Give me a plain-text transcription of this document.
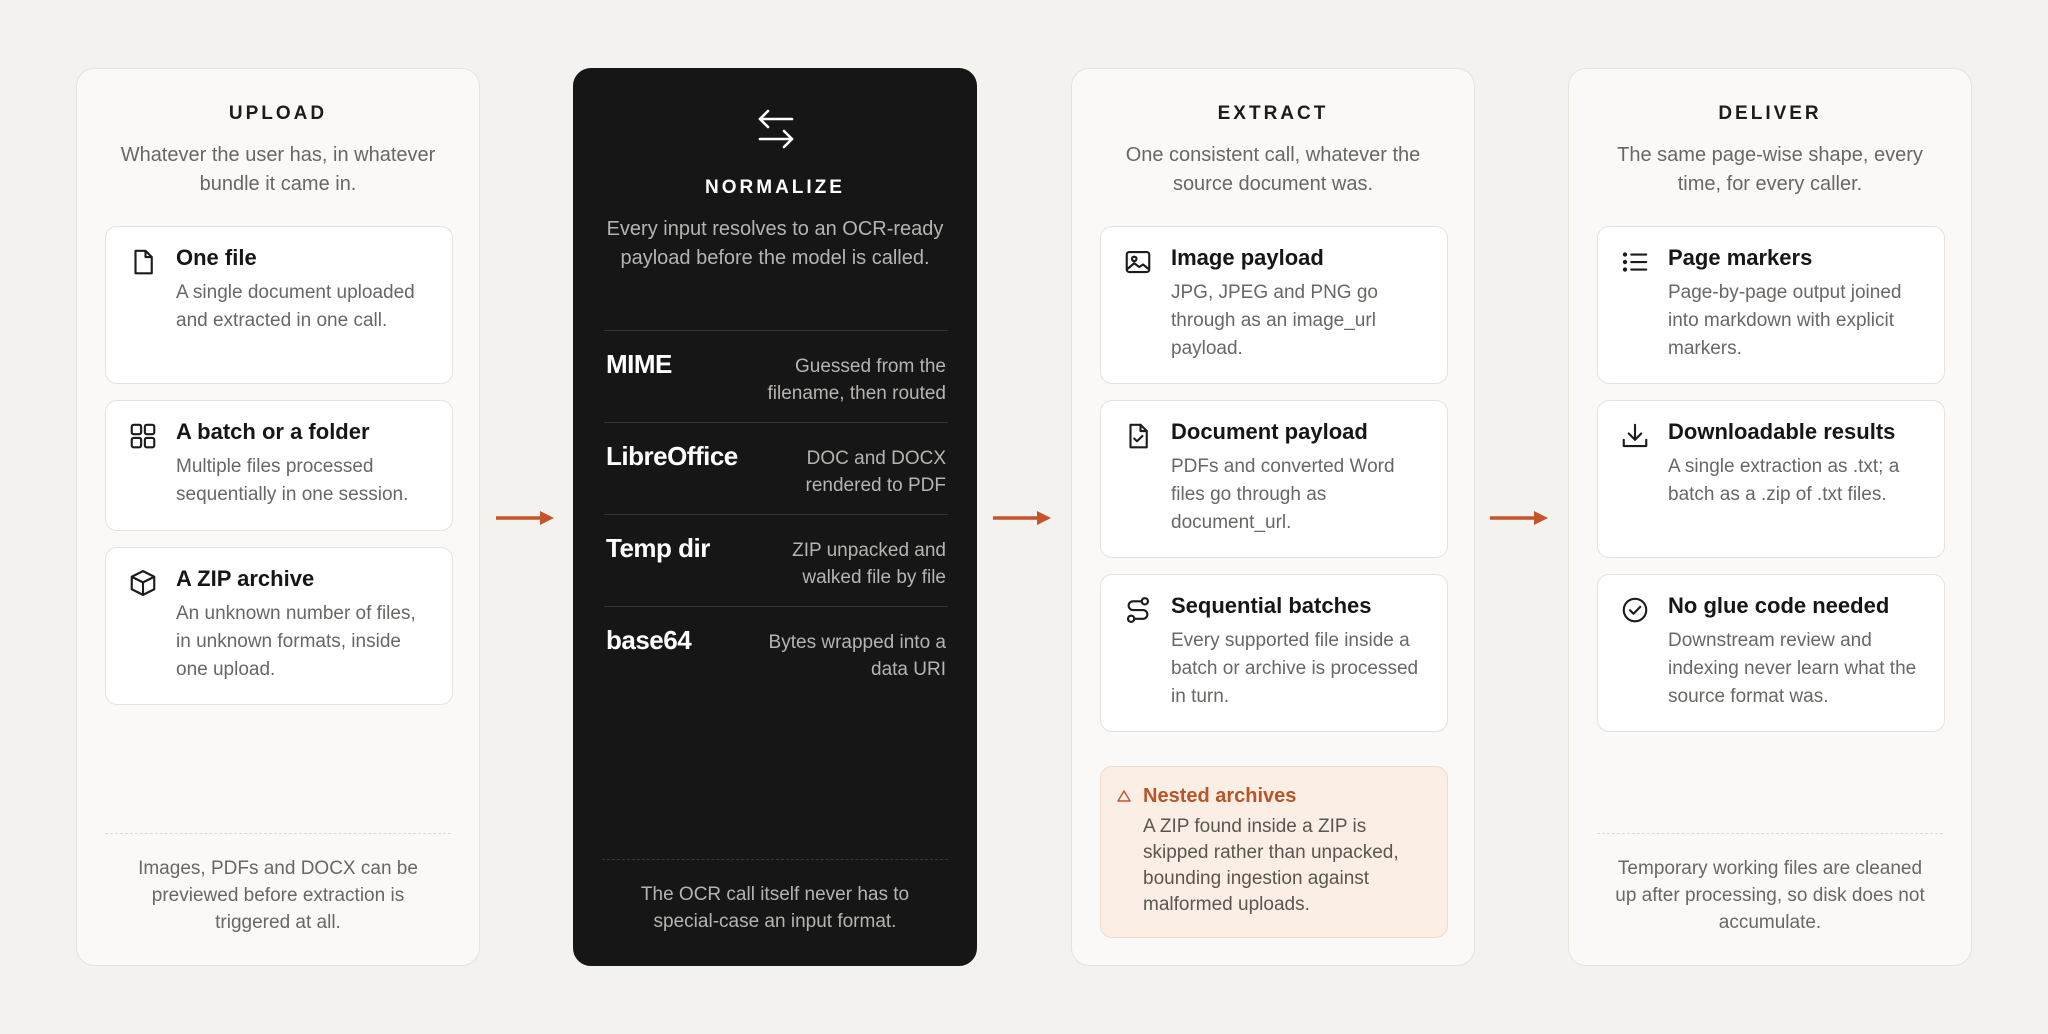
UPLOAD
Whatever the user has, in whatever bundle it came in.
One file
A single document uploaded and extracted in one call.
A batch or a folder
Multiple files processed sequentially in one session.
A ZIP archive
An unknown number of files, in unknown formats, inside one upload.
Images, PDFs and DOCX can be previewed before extraction is triggered at all.
NORMALIZE
Every input resolves to an OCR-ready payload before the model is called.
MIME	Guessed from the filename, then routed
LibreOffice	DOC and DOCX rendered to PDF
Temp dir	ZIP unpacked and walked file by file
base64	Bytes wrapped into a data URI
The OCR call itself never has to special-case an input format.
EXTRACT
One consistent call, whatever the source document was.
Image payload
JPG, JPEG and PNG go through as an image_url payload.
Document payload
PDFs and converted Word files go through as document_url.
Sequential batches
Every supported file inside a batch or archive is processed in turn.
Nested archives
A ZIP found inside a ZIP is skipped rather than unpacked, bounding ingestion against malformed uploads.
DELIVER
The same page-wise shape, every time, for every caller.
Page markers
Page-by-page output joined into markdown with explicit markers.
Downloadable results
A single extraction as .txt; a batch as a .zip of .txt files.
No glue code needed
Downstream review and indexing never learn what the source format was.
Temporary working files are cleaned up after processing, so disk does not accumulate.
